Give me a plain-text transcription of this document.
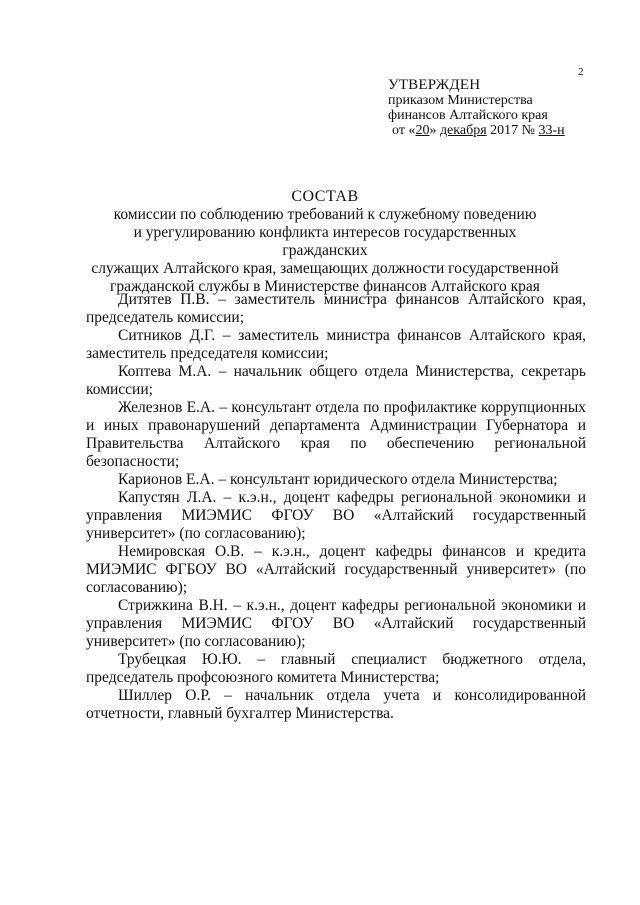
2
УТВЕРЖДЕН
приказом Министерства
финансов Алтайского края
от «20» декабря 2017 № 33-н
СОСТАВ
комиссии по соблюдению требований к служебному поведению
и урегулированию конфликта интересов государственных гражданских
служащих Алтайского края, замещающих должности государственной
гражданской службы в Министерстве финансов Алтайского края
Дитятев П.В. – заместитель министра финансов Алтайского края, председатель комиссии;
Ситников Д.Г. – заместитель министра финансов Алтайского края, заместитель председателя комиссии;
Коптева М.А. – начальник общего отдела Министерства, секретарь комиссии;
Железнов Е.А. – консультант отдела по профилактике коррупционных и иных правонарушений департамента Администрации Губернатора и Правительства Алтайского края по обеспечению региональной безопасности;
Карионов Е.А. – консультант юридического отдела Министерства;
Капустян Л.А. – к.э.н., доцент кафедры региональной экономики и управления МИЭМИС ФГОУ ВО «Алтайский государственный университет» (по согласованию);
Немировская О.В. – к.э.н., доцент кафедры финансов и кредита МИЭМИС ФГБОУ ВО «Алтайский государственный университет» (по согласованию);
Стрижкина В.Н. – к.э.н., доцент кафедры региональной экономики и управления МИЭМИС ФГОУ ВО «Алтайский государственный университет» (по согласованию);
Трубецкая Ю.Ю. – главный специалист бюджетного отдела, председатель профсоюзного комитета Министерства;
Шиллер О.Р. – начальник отдела учета и консолидированной отчетности, главный бухгалтер Министерства.
